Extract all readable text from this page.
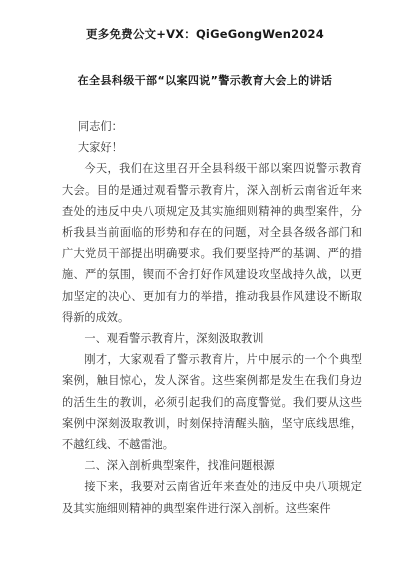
更多免费公文+VX：QiGeGongWen2024
在全县科级干部“以案四说”警示教育大会上的讲话

同志们：

大家好！

今天，我们在这里召开全县科级干部以案四说警示教育大会。目的是通过观看警示教育片，深入剖析云南省近年来查处的违反中央八项规定及其实施细则精神的典型案件，分析我县当前面临的形势和存在的问题，对全县各级各部门和广大党员干部提出明确要求。我们要坚持严的基调、严的措施、严的氛围，锲而不舍打好作风建设攻坚战持久战，以更加坚定的决心、更加有力的举措，推动我县作风建设不断取得新的成效。

一、观看警示教育片，深刻汲取教训

刚才，大家观看了警示教育片，片中展示的一个个典型案例，触目惊心，发人深省。这些案例都是发生在我们身边的活生生的教训，必须引起我们的高度警觉。我们要从这些案例中深刻汲取教训，时刻保持清醒头脑，坚守底线思维，不越红线、不越雷池。

二、深入剖析典型案件，找准问题根源

接下来，我要对云南省近年来查处的违反中央八项规定及其实施细则精神的典型案件进行深入剖析。这些案件
